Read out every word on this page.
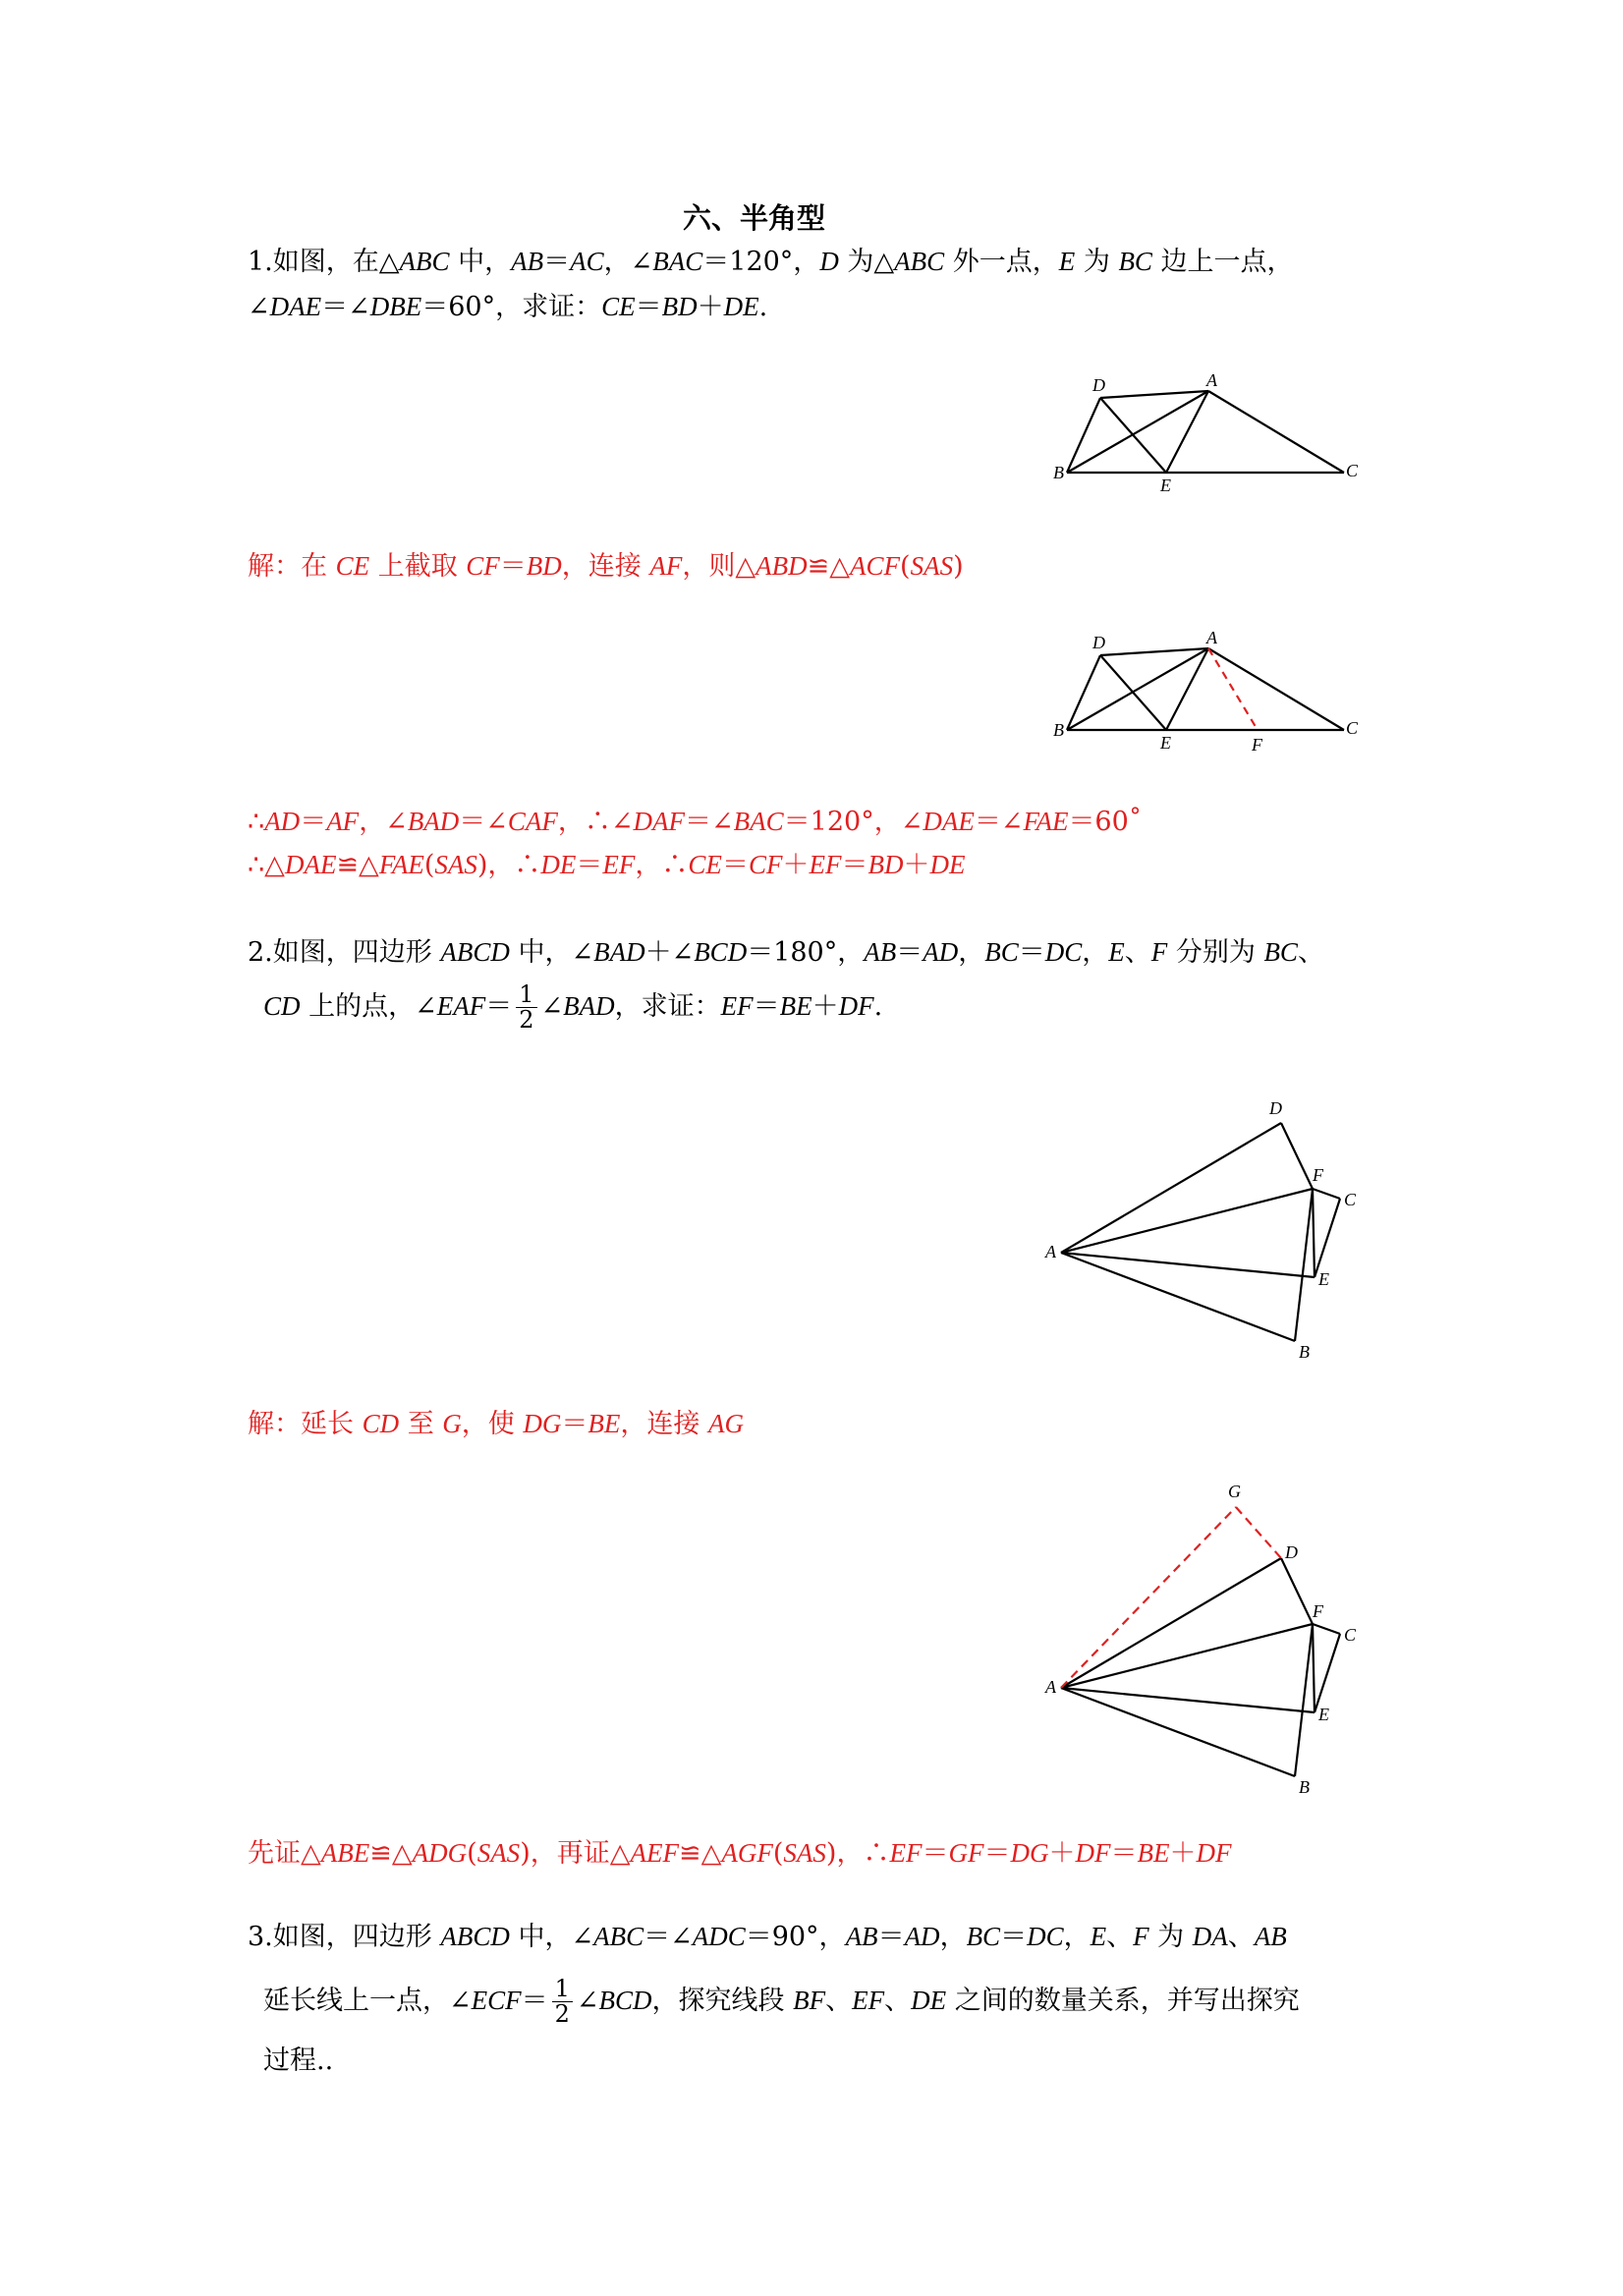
六、半角型
1.如图，在△ABC 中，AB＝AC，∠BAC＝120°，D 为△ABC 外一点，E 为 BC 边上一点，
∠DAE＝∠DBE＝60°，求证：CE＝BD＋DE.
D	A
B
E
C
解：在 CE 上截取 CF＝BD，连接 AF，则△ABD≌△ACF(SAS)
D	A
B
E	F
C
∴AD＝AF，∠BAD＝∠CAF，∴∠DAF＝∠BAC＝120°，∠DAE＝∠FAE＝60˚
∴△DAE≌△FAE(SAS)，∴DE＝EF，∴CE＝CF＋EF＝BD＋DE
2.如图，四边形 ABCD 中，∠BAD＋∠BCD＝180°，AB＝AD，BC＝DC，E、F 分别为 BC、
CD 上的点，∠EAF＝ $\frac{1}{2}$ ∠BAD，求证：EF＝BE＋DF.
D
F
C
A
E
B
解：延长 CD 至 G，使 DG＝BE，连接 AG
G
D
F
C
A
E
B
先证△ABE≌△ADG(SAS)，再证△AEF≌△AGF(SAS)，∴EF＝GF＝DG＋DF＝BE＋DF
3.如图，四边形 ABCD 中，∠ABC＝∠ADC＝90°，AB＝AD，BC＝DC，E、F 为 DA、AB
延长线上一点，∠ECF＝ $\frac{1}{2}$ ∠BCD，探究线段 BF、EF、DE 之间的数量关系，并写出探究
过程..
